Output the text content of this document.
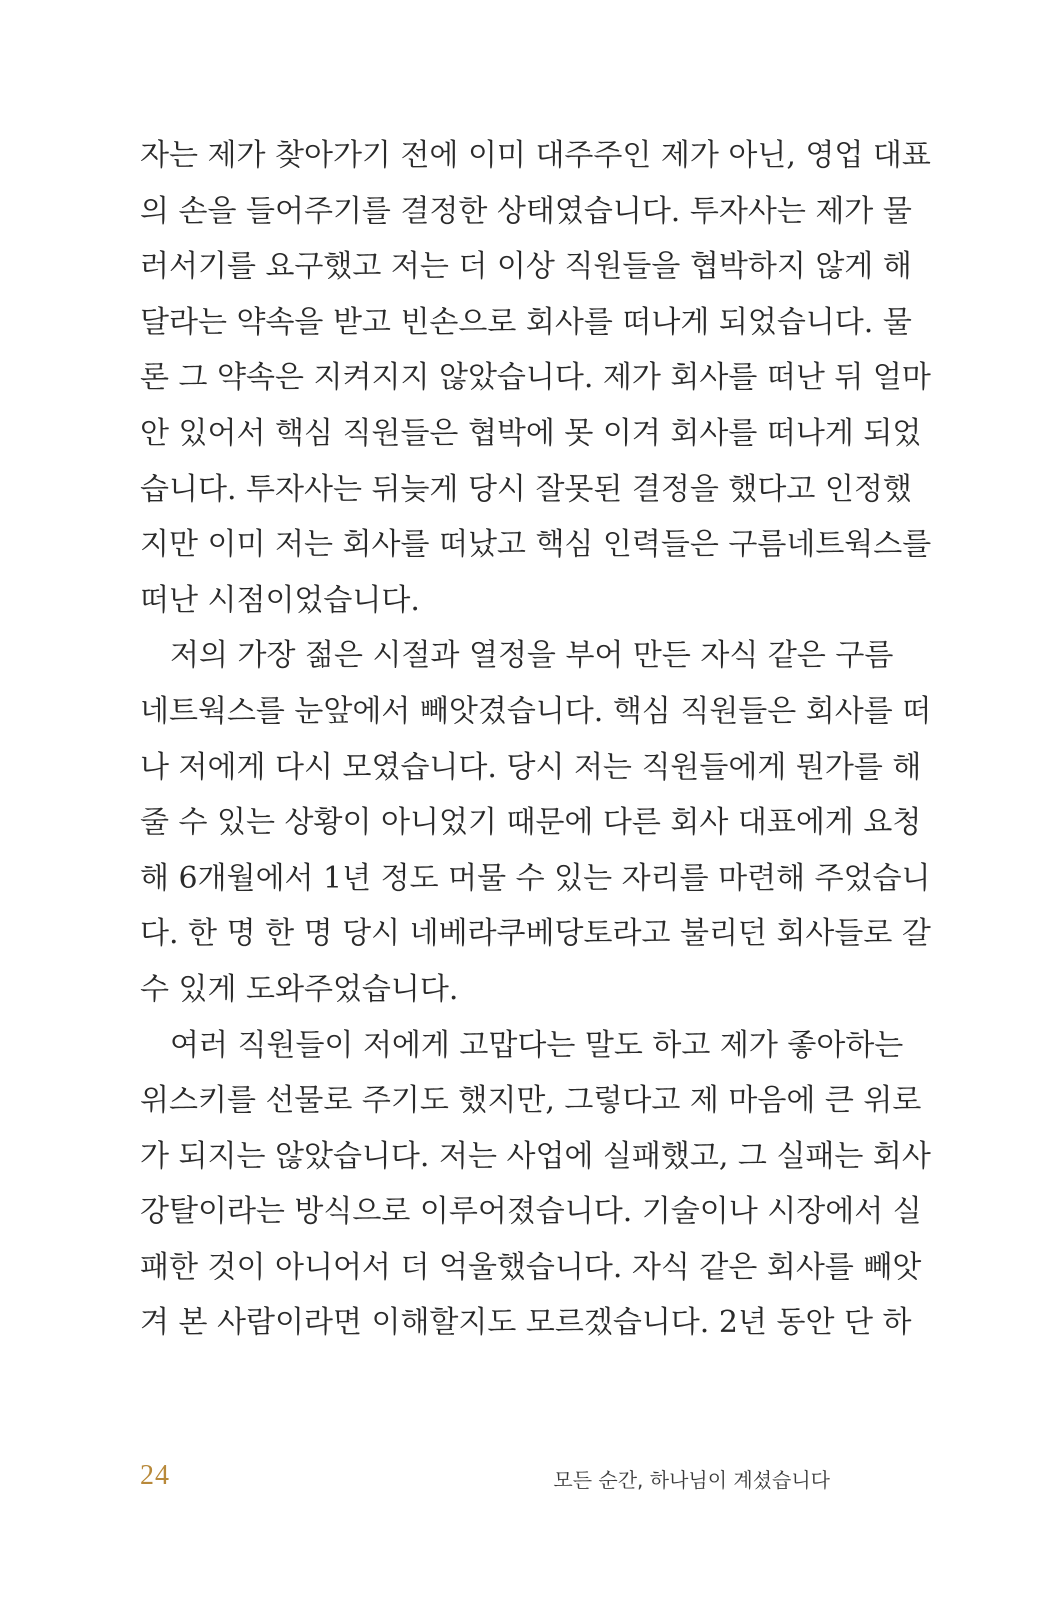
자는 제가 찾아가기 전에 이미 대주주인 제가 아닌, 영업 대표
의 손을 들어주기를 결정한 상태였습니다. 투자사는 제가 물
러서기를 요구했고 저는 더 이상 직원들을 협박하지 않게 해
달라는 약속을 받고 빈손으로 회사를 떠나게 되었습니다. 물
론 그 약속은 지켜지지 않았습니다. 제가 회사를 떠난 뒤 얼마
안 있어서 핵심 직원들은 협박에 못 이겨 회사를 떠나게 되었
습니다. 투자사는 뒤늦게 당시 잘못된 결정을 했다고 인정했
지만 이미 저는 회사를 떠났고 핵심 인력들은 구름네트웍스를
떠난 시점이었습니다.
　저의 가장 젊은 시절과 열정을 부어 만든 자식 같은 구름
네트웍스를 눈앞에서 빼앗겼습니다. 핵심 직원들은 회사를 떠
나 저에게 다시 모였습니다. 당시 저는 직원들에게 뭔가를 해
줄 수 있는 상황이 아니었기 때문에 다른 회사 대표에게 요청
해 6개월에서 1년 정도 머물 수 있는 자리를 마련해 주었습니
다. 한 명 한 명 당시 네베라쿠베당토라고 불리던 회사들로 갈
수 있게 도와주었습니다.
　여러 직원들이 저에게 고맙다는 말도 하고 제가 좋아하는
위스키를 선물로 주기도 했지만, 그렇다고 제 마음에 큰 위로
가 되지는 않았습니다. 저는 사업에 실패했고, 그 실패는 회사
강탈이라는 방식으로 이루어졌습니다. 기술이나 시장에서 실
패한 것이 아니어서 더 억울했습니다. 자식 같은 회사를 빼앗
겨 본 사람이라면 이해할지도 모르겠습니다. 2년 동안 단 하
24	모든 순간, 하나님이 계셨습니다
